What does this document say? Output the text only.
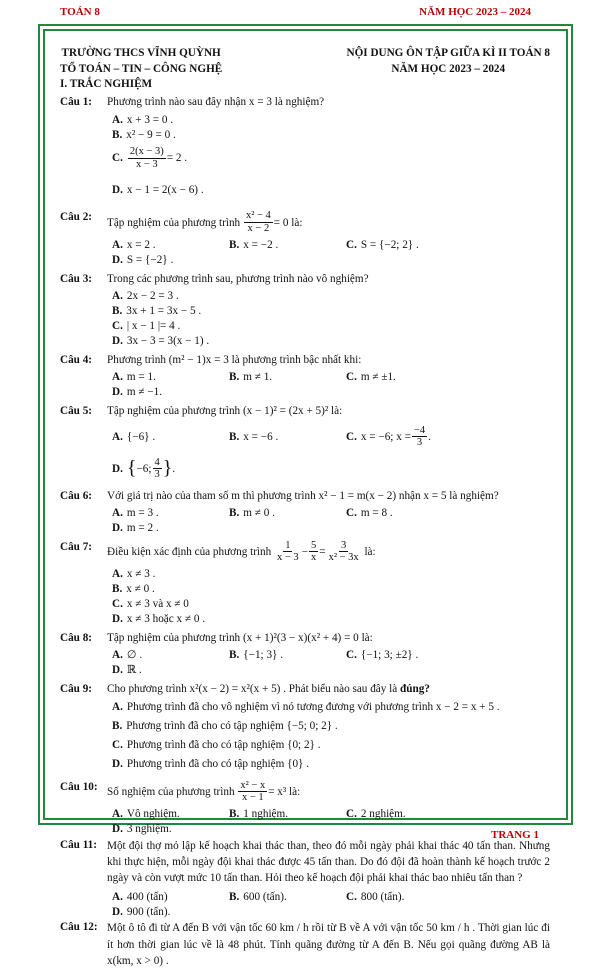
TOÁN 8	NĂM HỌC 2023 – 2024
TRƯỜNG THCS VĨNH QUỲNH
TỔ TOÁN – TIN – CÔNG NGHỆ
NỘI DUNG ÔN TẬP GIỮA KÌ II TOÁN 8
NĂM HỌC 2023 – 2024
I. TRẮC NGHIỆM
Câu 1:	Phương trình nào sau đây nhận x = 3 là nghiệm?
A. x + 3 = 0 .
B. x² − 9 = 0 .
C. $\frac{2(x - 3)}{x - 3} = 2$ .
D. x − 1 = 2(x − 6) .
Câu 2:	Tập nghiệm của phương trình
$\frac{\text{x² − 4}}{x - 2} = 0$ là:
A. x = 2 .	B. x = −2 .	C. S = {−2; 2} .
D. S = {−2} .
Câu 3:	Trong các phương trình sau, phương trình nào vô nghiệm?
A. 2x − 2 = 3 .
B. 3x + 1 = 3x − 5 .
C. | x − 1 |= 4 .
D. 3x − 3 = 3(x − 1) .
Câu 4:	Phương trình (m² − 1)x = 3 là phương trình bậc nhất khi:
A. m = 1.	B. m ≠ 1.	C. m ≠ ±1.
D. m ≠ −1.
Câu 5:	Tập nghiệm của phương trình (x − 1)² = (2x + 5)² là:
A. {−6} .	B. x = −6 .	C. x = −6; $x = \frac{-4}{3}$ .
D. { −6; $\frac{4}{3}$ } .
Câu 6:	Với giá trị nào của tham số m thì phương trình x² − 1 = m(x − 2) nhận x = 5 là nghiệm?
A. m = 3 .	B. m ≠ 0 .	C. m = 8 .
D. m = 2 .
Câu 7:	Điều kiện xác định của phương trình
$\frac{1}{x - 3} - \frac{5}{x} = \frac{3}{\text{x² − 3x}}$
là:
A. x ≠ 3 .
B. x ≠ 0 .
C. x ≠ 3 và x ≠ 0
D. x ≠ 3 hoặc x ≠ 0 .
Câu 8:	Tập nghiệm của phương trình (x + 1)²(3 − x)(x² + 4) = 0 là:
A. ∅ .	B. {−1; 3} .	C. {−1; 3; ±2} .
D. ℝ .
Câu 9:	Cho phương trình x²(x − 2) = x²(x + 5) . Phát biểu nào sau đây là đúng?
A. Phương trình đã cho vô nghiệm vì nó tương đương với phương trình x − 2 = x + 5 .
B. Phương trình đã cho có tập nghiệm {−5; 0; 2} .
C. Phương trình đã cho có tập nghiệm {0; 2} .
D. Phương trình đã cho có tập nghiệm {0} .
Câu 10: Số nghiệm của phương trình
$\frac{\text{x² − x}}{x - 1} = x^3$ là:
A. Vô nghiệm.	B. 1 nghiệm.	C. 2 nghiệm.
D. 3 nghiệm.
Câu 11: Một đội thợ mỏ lập kế hoạch khai thác than, theo đó mỗi ngày phải khai thác 40 tấn than. Nhưng khi thực hiện, mỗi ngày đội khai thác được 45 tấn than. Do đó đội đã hoàn thành kế hoạch trước 2 ngày và còn vượt mức 10 tấn than. Hỏi theo kế hoạch đội phải khai thác bao nhiêu tấn than ?
A. 400 (tấn)	B. 600 (tấn).	C. 800 (tấn).
D. 900 (tấn).
Câu 12: Một ô tô đi từ A đến B với vận tốc 60 km / h rồi từ B về A với vận tốc 50 km / h . Thời gian lúc đi ít hơn thời gian lúc về là 48 phút. Tính quãng đường từ A đến B. Nếu gọi quãng đường AB là x(km, x > 0) .
TRANG 1
